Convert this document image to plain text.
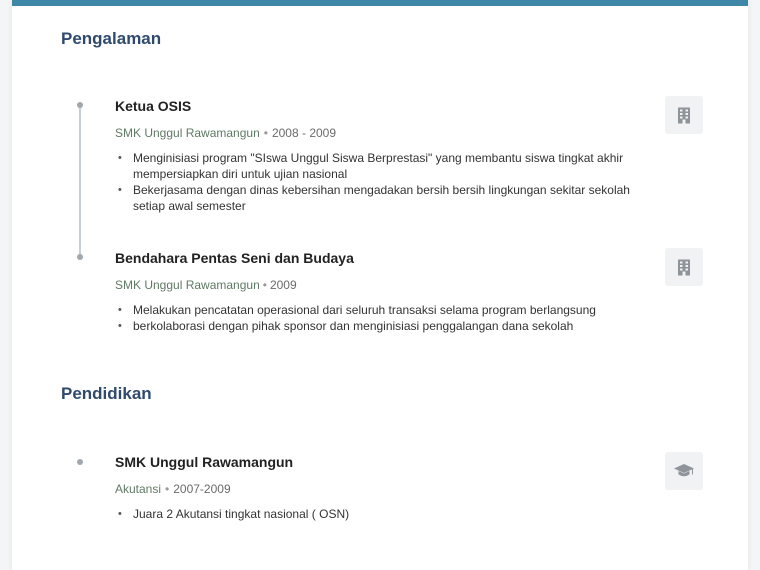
Pengalaman
Ketua OSIS
SMK Unggul Rawamangun • 2008 - 2009
• Menginisiasi program "SIswa Unggul Siswa Berprestasi" yang membantu siswa tingkat akhir mempersiapkan diri untuk ujian nasional
• Bekerjasama dengan dinas kebersihan mengadakan bersih bersih lingkungan sekitar sekolah setiap awal semester
Bendahara Pentas Seni dan Budaya
SMK Unggul Rawamangun • 2009
• Melakukan pencatatan operasional dari seluruh transaksi selama program berlangsung
• berkolaborasi dengan pihak sponsor dan menginisiasi penggalangan dana sekolah
Pendidikan
SMK Unggul Rawamangun
Akutansi • 2007-2009
• Juara 2 Akutansi tingkat nasional ( OSN)
